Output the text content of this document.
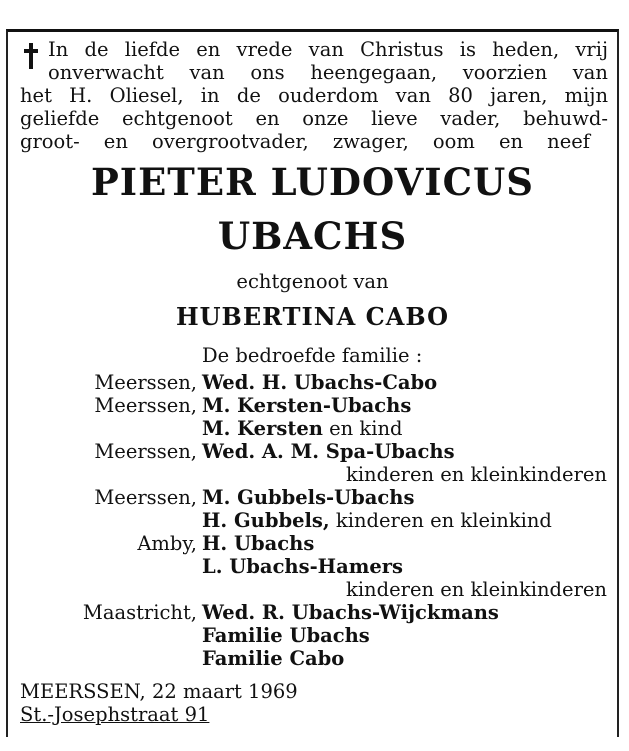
In de liefde en vrede van Christus is heden, vrij
onverwacht van ons heengegaan, voorzien van
het H. Oliesel, in de ouderdom van 80 jaren, mijn
geliefde echtgenoot en onze lieve vader, behuwd-
groot- en overgrootvader, zwager, oom en neef
PIETER LUDOVICUS
UBACHS
echtgenoot van
HUBERTINA CABO
De bedroefde familie :
Meerssen, Wed. H. Ubachs-Cabo
Meerssen, M. Kersten-Ubachs
M. Kersten en kind
Meerssen, Wed. A. M. Spa-Ubachs
kinderen en kleinkinderen
Meerssen, M. Gubbels-Ubachs
H. Gubbels, kinderen en kleinkind
Amby, H. Ubachs
L. Ubachs-Hamers
kinderen en kleinkinderen
Maastricht, Wed. R. Ubachs-Wijckmans
Familie Ubachs
Familie Cabo
MEERSSEN, 22 maart 1969
St.-Josephstraat 91
